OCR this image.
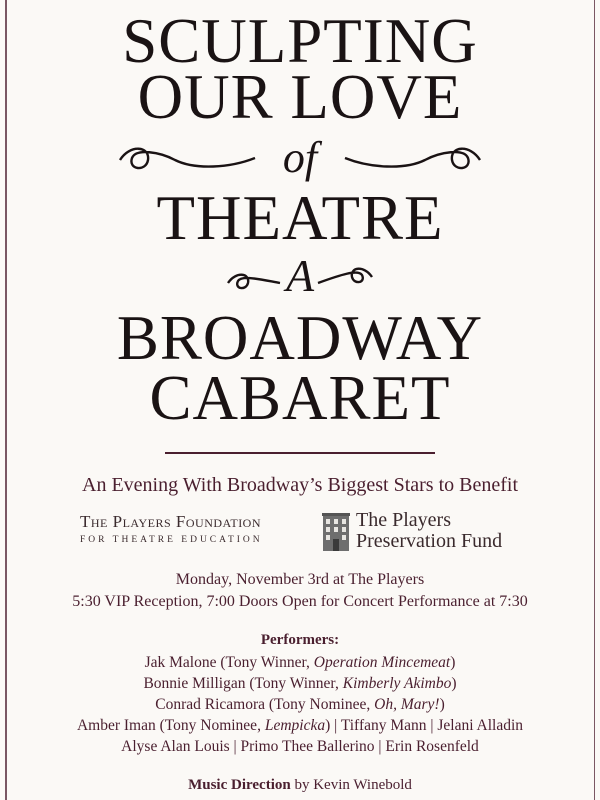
SCULPTING
OUR LOVE
of
THEATRE
A
BROADWAY
CABARET
An Evening With Broadway’s Biggest Stars to Benefit
The Players Foundation
FOR THEATRE EDUCATION
The Players
Preservation Fund
Monday, November 3rd at The Players
5:30 VIP Reception, 7:00 Doors Open for Concert Performance at 7:30
Performers:
Jak Malone (Tony Winner, Operation Mincemeat)
Bonnie Milligan (Tony Winner, Kimberly Akimbo)
Conrad Ricamora (Tony Nominee, Oh, Mary!)
Amber Iman (Tony Nominee, Lempicka) | Tiffany Mann | Jelani Alladin
Alyse Alan Louis | Primo Thee Ballerino | Erin Rosenfeld
Music Direction by Kevin Winebold
